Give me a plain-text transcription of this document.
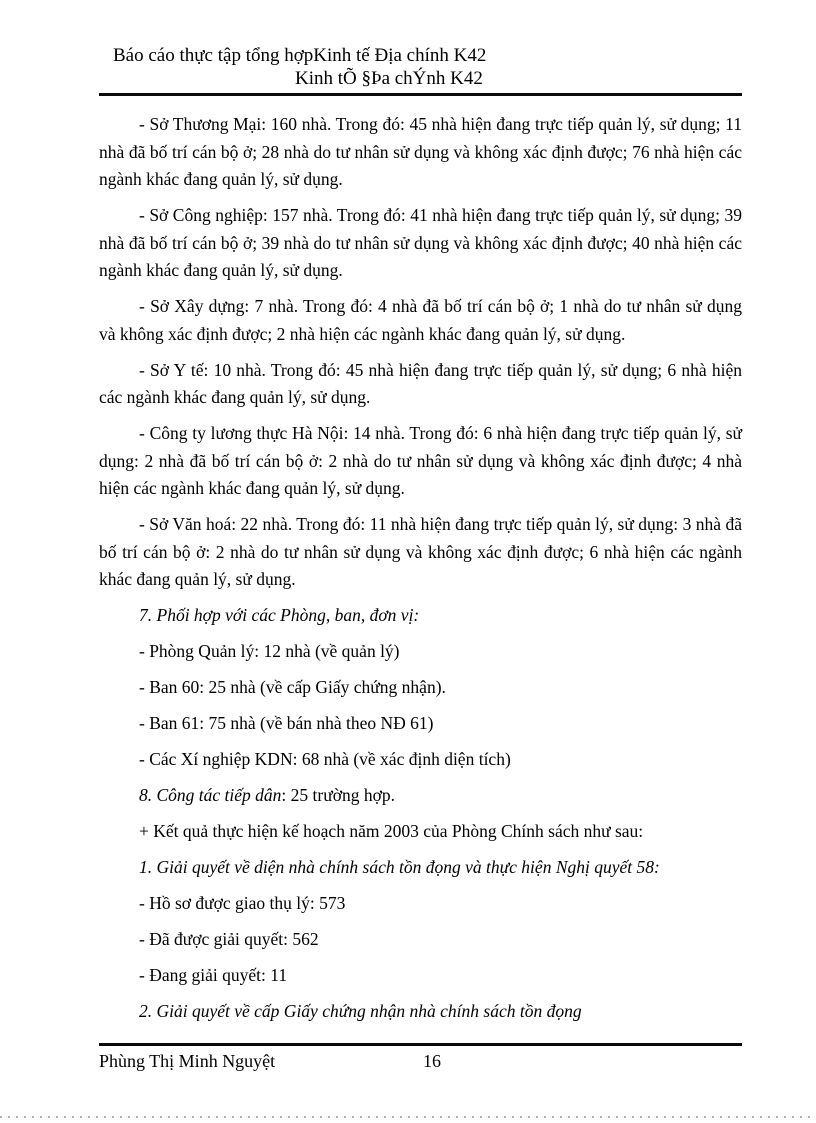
Báo cáo thực tập tổng hợpKinh tế Địa chính K42
Kinh tÕ §Þa chÝnh K42

- Sở Thương Mại: 160 nhà. Trong đó: 45 nhà hiện đang trực tiếp quản lý, sử dụng; 11 nhà đã bố trí cán bộ ở; 28 nhà do tư nhân sử dụng và không xác định được; 76 nhà hiện các ngành khác đang quản lý, sử dụng.

- Sở Công nghiệp: 157 nhà. Trong đó: 41 nhà hiện đang trực tiếp quản lý, sử dụng; 39 nhà đã bố trí cán bộ ở; 39 nhà do tư nhân sử dụng và không xác định được; 40 nhà hiện các ngành khác đang quản lý, sử dụng.

- Sở Xây dựng: 7 nhà. Trong đó: 4 nhà đã bố trí cán bộ ở; 1 nhà do tư nhân sử dụng và không xác định được; 2 nhà hiện các ngành khác đang quản lý, sử dụng.

- Sở Y tế: 10 nhà. Trong đó: 45 nhà hiện đang trực tiếp quản lý, sử dụng; 6 nhà hiện các ngành khác đang quản lý, sử dụng.

- Công ty lương thực Hà Nội: 14 nhà. Trong đó: 6 nhà hiện đang trực tiếp quản lý, sử dụng: 2 nhà đã bố trí cán bộ ở: 2 nhà do tư nhân sử dụng và không xác định được; 4 nhà hiện các ngành khác đang quản lý, sử dụng.

- Sở Văn hoá: 22 nhà. Trong đó: 11 nhà hiện đang trực tiếp quản lý, sử dụng: 3 nhà đã bố trí cán bộ ở: 2 nhà do tư nhân sử dụng và không xác định được; 6 nhà hiện các ngành khác đang quản lý, sử dụng.

7. Phối hợp với các Phòng, ban, đơn vị:

- Phòng Quản lý: 12 nhà (về quản lý)

- Ban 60: 25 nhà (về cấp Giấy chứng nhận).

- Ban 61: 75 nhà (về bán nhà theo NĐ 61)

- Các Xí nghiệp KDN: 68 nhà (về xác định diện tích)

8. Công tác tiếp dân: 25 trường hợp.

+ Kết quả thực hiện kế hoạch năm 2003 của Phòng Chính sách như sau:

1. Giải quyết về diện nhà chính sách tồn đọng và thực hiện Nghị quyết 58:

- Hồ sơ được giao thụ lý: 573

- Đã được giải quyết: 562

- Đang giải quyết: 11

2. Giải quyết về cấp Giấy chứng nhận nhà chính sách tồn đọng

Phùng Thị Minh Nguyệt	16
